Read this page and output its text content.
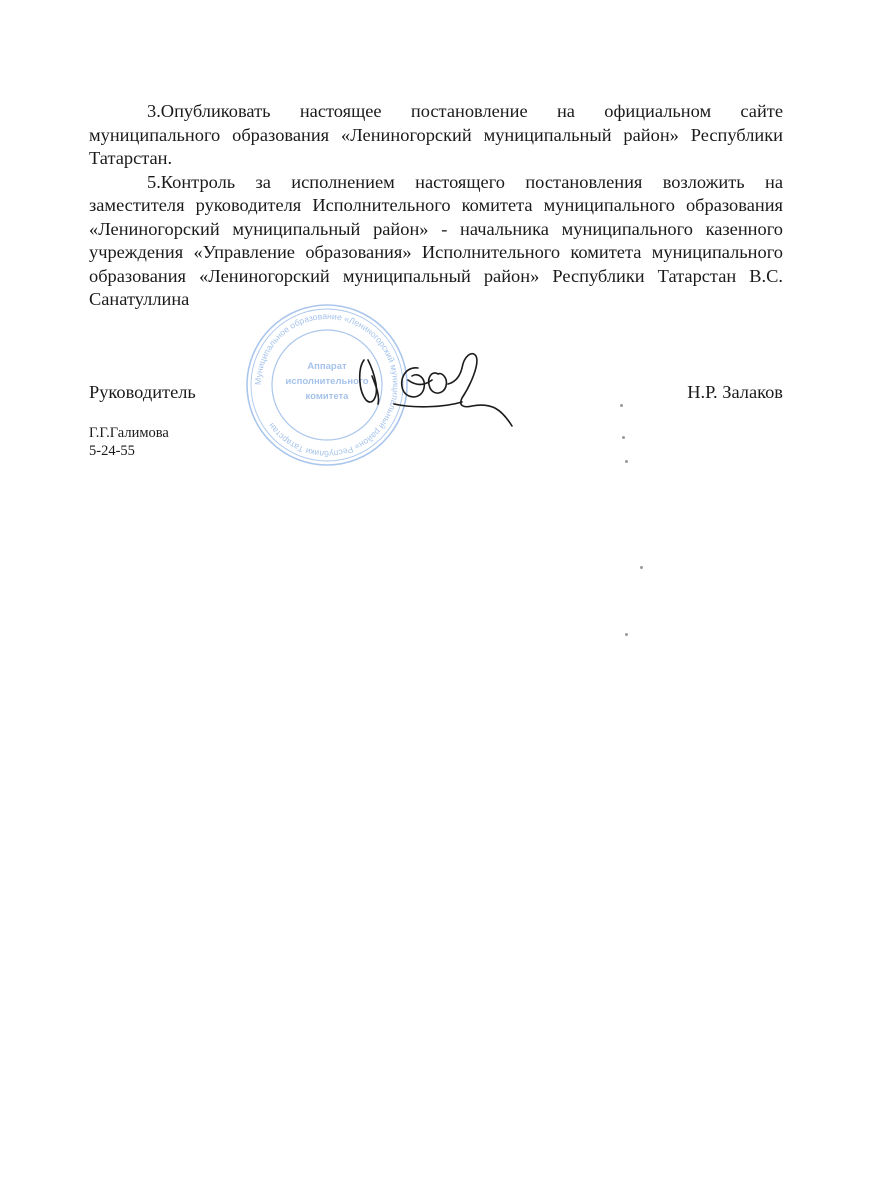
3.Опубликовать настоящее постановление на официальном сайте муниципального образования «Лениногорский муниципальный район» Республики Татарстан.

5.Контроль за исполнением настоящего постановления возложить на заместителя руководителя Исполнительного комитета муниципального образования «Лениногорский муниципальный район» - начальника муниципального казенного учреждения «Управление образования» Исполнительного комитета муниципального образования «Лениногорский муниципальный район» Республики Татарстан В.С. Санатуллина

Муниципальное образование «Лениногорский муниципальный район» Республики Татарстан
Аппарат
исполнительного
комитета
Руководитель	Н.Р. Залаков
Г.Г.Галимова
5-24-55
